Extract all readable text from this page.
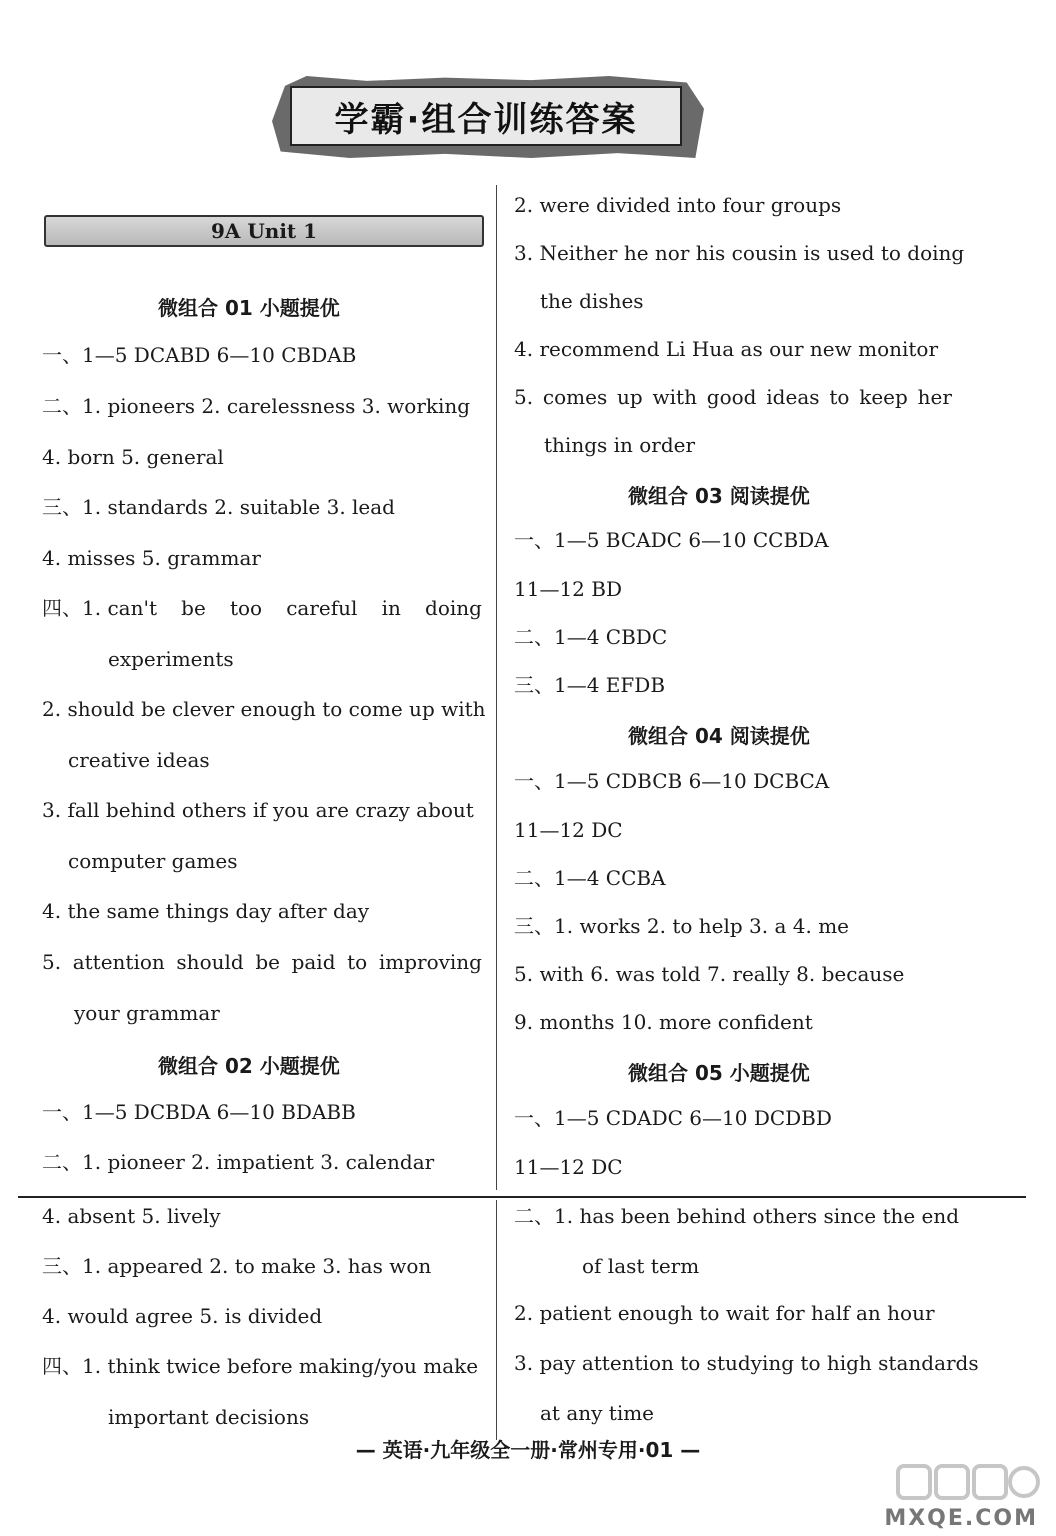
学霸·组合训练答案
9A Unit 1
微组合 01 小题提优
一、1—5 DCABD 6—10 CBDAB
二、1. pioneers 2. carelessness 3. working
4. born 5. general
三、1. standards 2. suitable 3. lead
4. misses 5. grammar
四、1. can't be too careful in doing
experiments
2. should be clever enough to come up with
creative ideas
3. fall behind others if you are crazy about
computer games
4. the same things day after day
5. attention should be paid to improving
your grammar
微组合 02 小题提优
一、1—5 DCBDA 6—10 BDABB
二、1. pioneer 2. impatient 3. calendar
4. absent 5. lively
三、1. appeared 2. to make 3. has won
4. would agree 5. is divided
四、1. think twice before making/you make
important decisions
2. were divided into four groups
3. Neither he nor his cousin is used to doing
the dishes
4. recommend Li Hua as our new monitor
5. comes up with good ideas to keep her
things in order
微组合 03 阅读提优
一、1—5 BCADC 6—10 CCBDA
11—12 BD
二、1—4 CBDC
三、1—4 EFDB
微组合 04 阅读提优
一、1—5 CDBCB 6—10 DCBCA
11—12 DC
二、1—4 CCBA
三、1. works 2. to help 3. a 4. me
5. with 6. was told 7. really 8. because
9. months 10. more confident
微组合 05 小题提优
一、1—5 CDADC 6—10 DCDBD
11—12 DC
二、1. has been behind others since the end
of last term
2. patient enough to wait for half an hour
3. pay attention to studying to high standards
at any time
— 英语·九年级全一册·常州专用·01 —
MXQE.COM
